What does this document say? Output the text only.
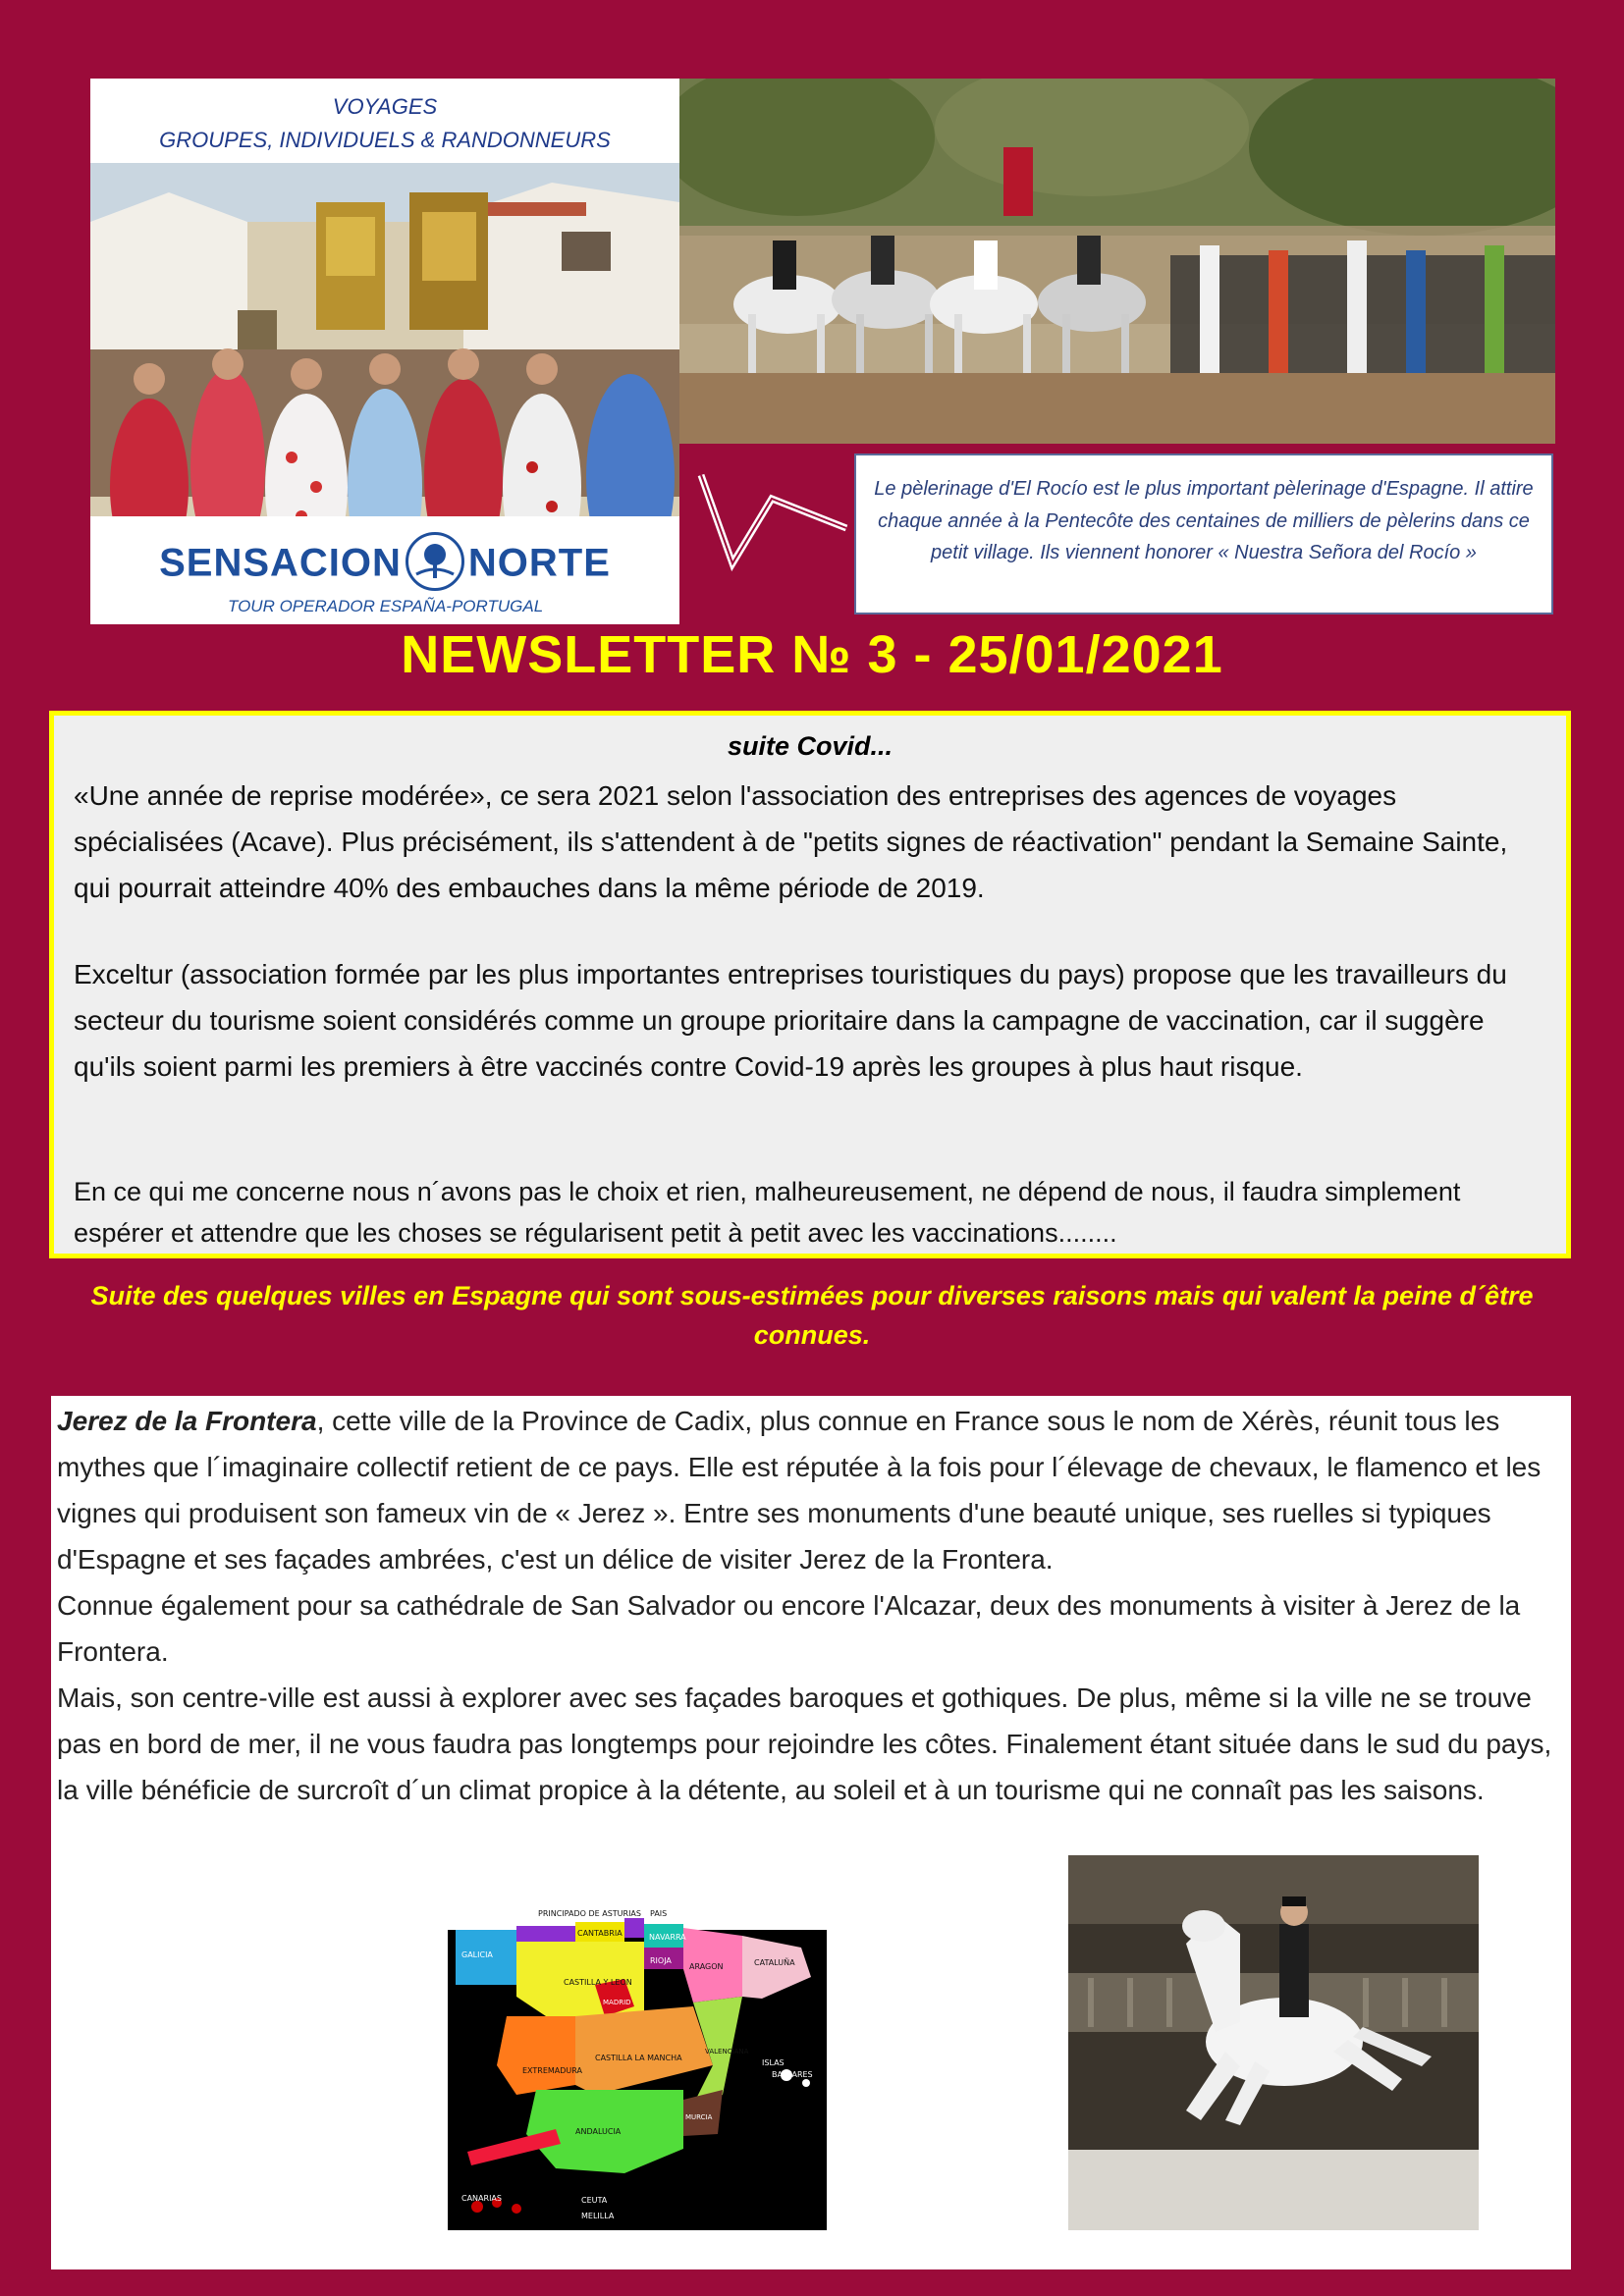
VOYAGES
GROUPES, INDIVIDUELS & RANDONNEURS
SENSACION NORTE
TOUR OPERADOR ESPAÑA-PORTUGAL
Le pèlerinage d'El Rocío est le plus important pèlerinage d'Espagne. Il attire chaque année à la Pentecôte des centaines de milliers de pèlerins dans ce petit village. Ils viennent honorer « Nuestra Señora del Rocío »
NEWSLETTER № 3 - 25/01/2021
suite Covid...
«Une année de reprise modérée», ce sera 2021 selon l'association des entreprises des agences de voyages spécialisées (Acave). Plus précisément, ils s'attendent à de "petits signes de réactivation" pendant la Semaine Sainte, qui pourrait atteindre 40% des embauches dans la même période de 2019.
Exceltur (association formée par les plus importantes entreprises touristiques du pays) propose que les travailleurs du secteur du tourisme soient considérés comme un groupe prioritaire dans la campagne de vaccination, car il suggère qu'ils soient parmi les premiers à être vaccinés contre Covid-19 après les groupes à plus haut risque.
En ce qui me concerne nous n´avons pas le choix et rien, malheureusement, ne dépend de nous, il faudra simplement espérer et attendre que les choses se régularisent petit à petit avec les vaccinations........
Suite des quelques villes en Espagne qui sont sous-estimées pour diverses raisons mais qui valent la peine d´être connues.
Jerez de la Frontera, cette ville de la Province de Cadix, plus connue en France sous le nom de Xérès, réunit tous les mythes que l´imaginaire collectif retient de ce pays. Elle est réputée à la fois pour l´élevage de chevaux, le flamenco et les vignes qui produisent son fameux vin de « Jerez ». Entre ses monuments d'une beauté unique, ses ruelles si typiques d'Espagne et ses façades ambrées, c'est un délice de visiter Jerez de la Frontera.
Connue également pour sa cathédrale de San Salvador ou encore l'Alcazar, deux des monuments à visiter à Jerez de la Frontera.
Mais, son centre-ville est aussi à explorer avec ses façades baroques et gothiques. De plus, même si la ville ne se trouve pas en bord de mer, il ne vous faudra pas longtemps pour rejoindre les côtes. Finalement étant située dans le sud du pays, la ville bénéficie de surcroît d´un climat propice à la détente, au soleil et à un tourisme qui ne connaît pas les saisons.
PRINCIPADO DE ASTURIAS PAIS
GALICIA
CANTABRIA	NAVARRA
RIOJA	CATALUÑA
ARAGON
CASTILLA Y LEON
MADRID
VALENCIANA
EXTREMADURA
CASTILLA LA MANCHA
ISLAS
BALEARES
MURCIA
ANDALUCIA
CANARIAS	CEUTA
MELILLA
